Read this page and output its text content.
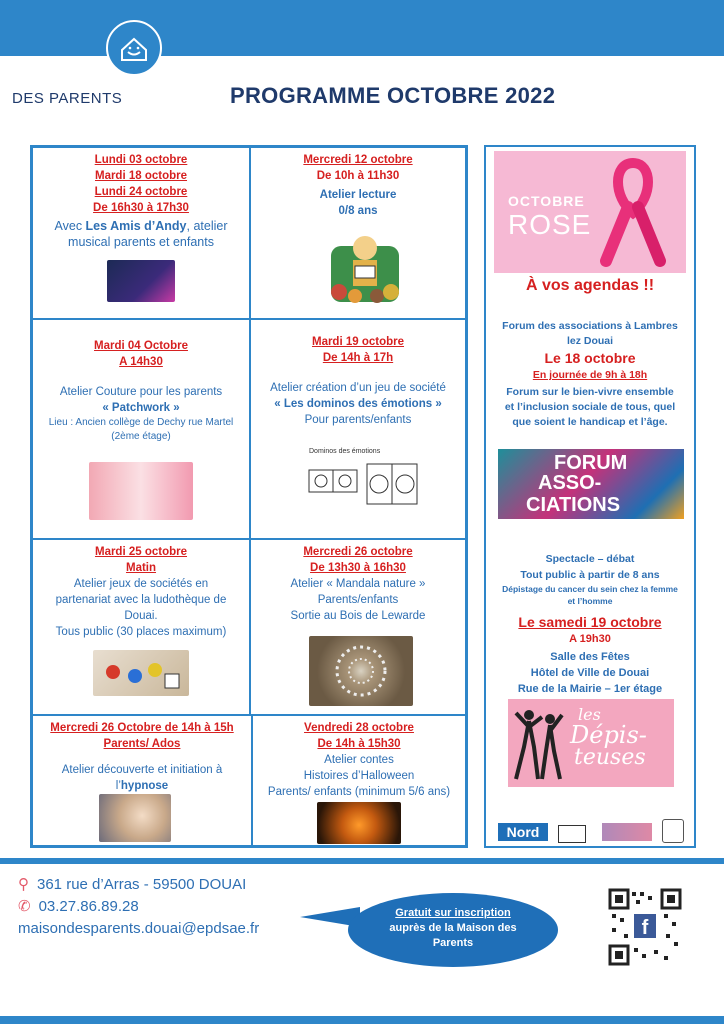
Maison
DES PARENTS	PROGRAMME OCTOBRE 2022
Lundi 03 octobre
Mardi 18 octobre
Lundi 24 octobre
De 16h30 à 17h30
Avec Les Amis d’Andy, atelier
musical parents et enfants
Mercredi 12 octobre
De 10h à 11h30
Atelier lecture
0/8 ans
Mardi 04 Octobre
A 14h30
Atelier Couture pour les parents
« Patchwork »
Lieu : Ancien collège de Dechy rue Martel
(2ème étage)
Mardi 19 octobre
De 14h à 17h
Atelier création d’un jeu de société
« Les dominos des émotions »
Pour parents/enfants
Dominos des émotions
Mardi 25 octobre
Matin
Atelier jeux de sociétés en
partenariat avec la ludothèque de
Douai.
Tous public (30 places maximum)
Mercredi 26 octobre
De 13h30 à 16h30
Atelier « Mandala nature »
Parents/enfants
Sortie au Bois de Lewarde
Mercredi 26 Octobre de 14h à 15h
Parents/ Ados
Atelier découverte et initiation à
l’hypnose
Vendredi 28 octobre
De 14h à 15h30
Atelier contes
Histoires d’Halloween
Parents/ enfants (minimum 5/6 ans)
OCTOBRE
ROSE
À vos agendas !!
Forum des associations à Lambres
lez Douai
Le 18 octobre
En journée de 9h à 18h
Forum sur le bien-vivre ensemble
et l’inclusion sociale de tous, quel
que soient le handicap et l’âge.
FORUM
ASSO-
CIATIONS
Spectacle – débat
Tout public à partir de 8 ans
Dépistage du cancer du sein chez la femme
et l’homme
Le samedi 19 octobre
A 19h30
Salle des Fêtes
Hôtel de Ville de Douai
Rue de la Mairie – 1er étage
les
Dépis-
teuses
Nord
⚲ 361 rue d’Arras - 59500 DOUAI
✆ 03.27.86.89.28
maisondesparents.douai@epdsae.fr
Gratuit sur inscription
auprès de la Maison des
Parents
f
